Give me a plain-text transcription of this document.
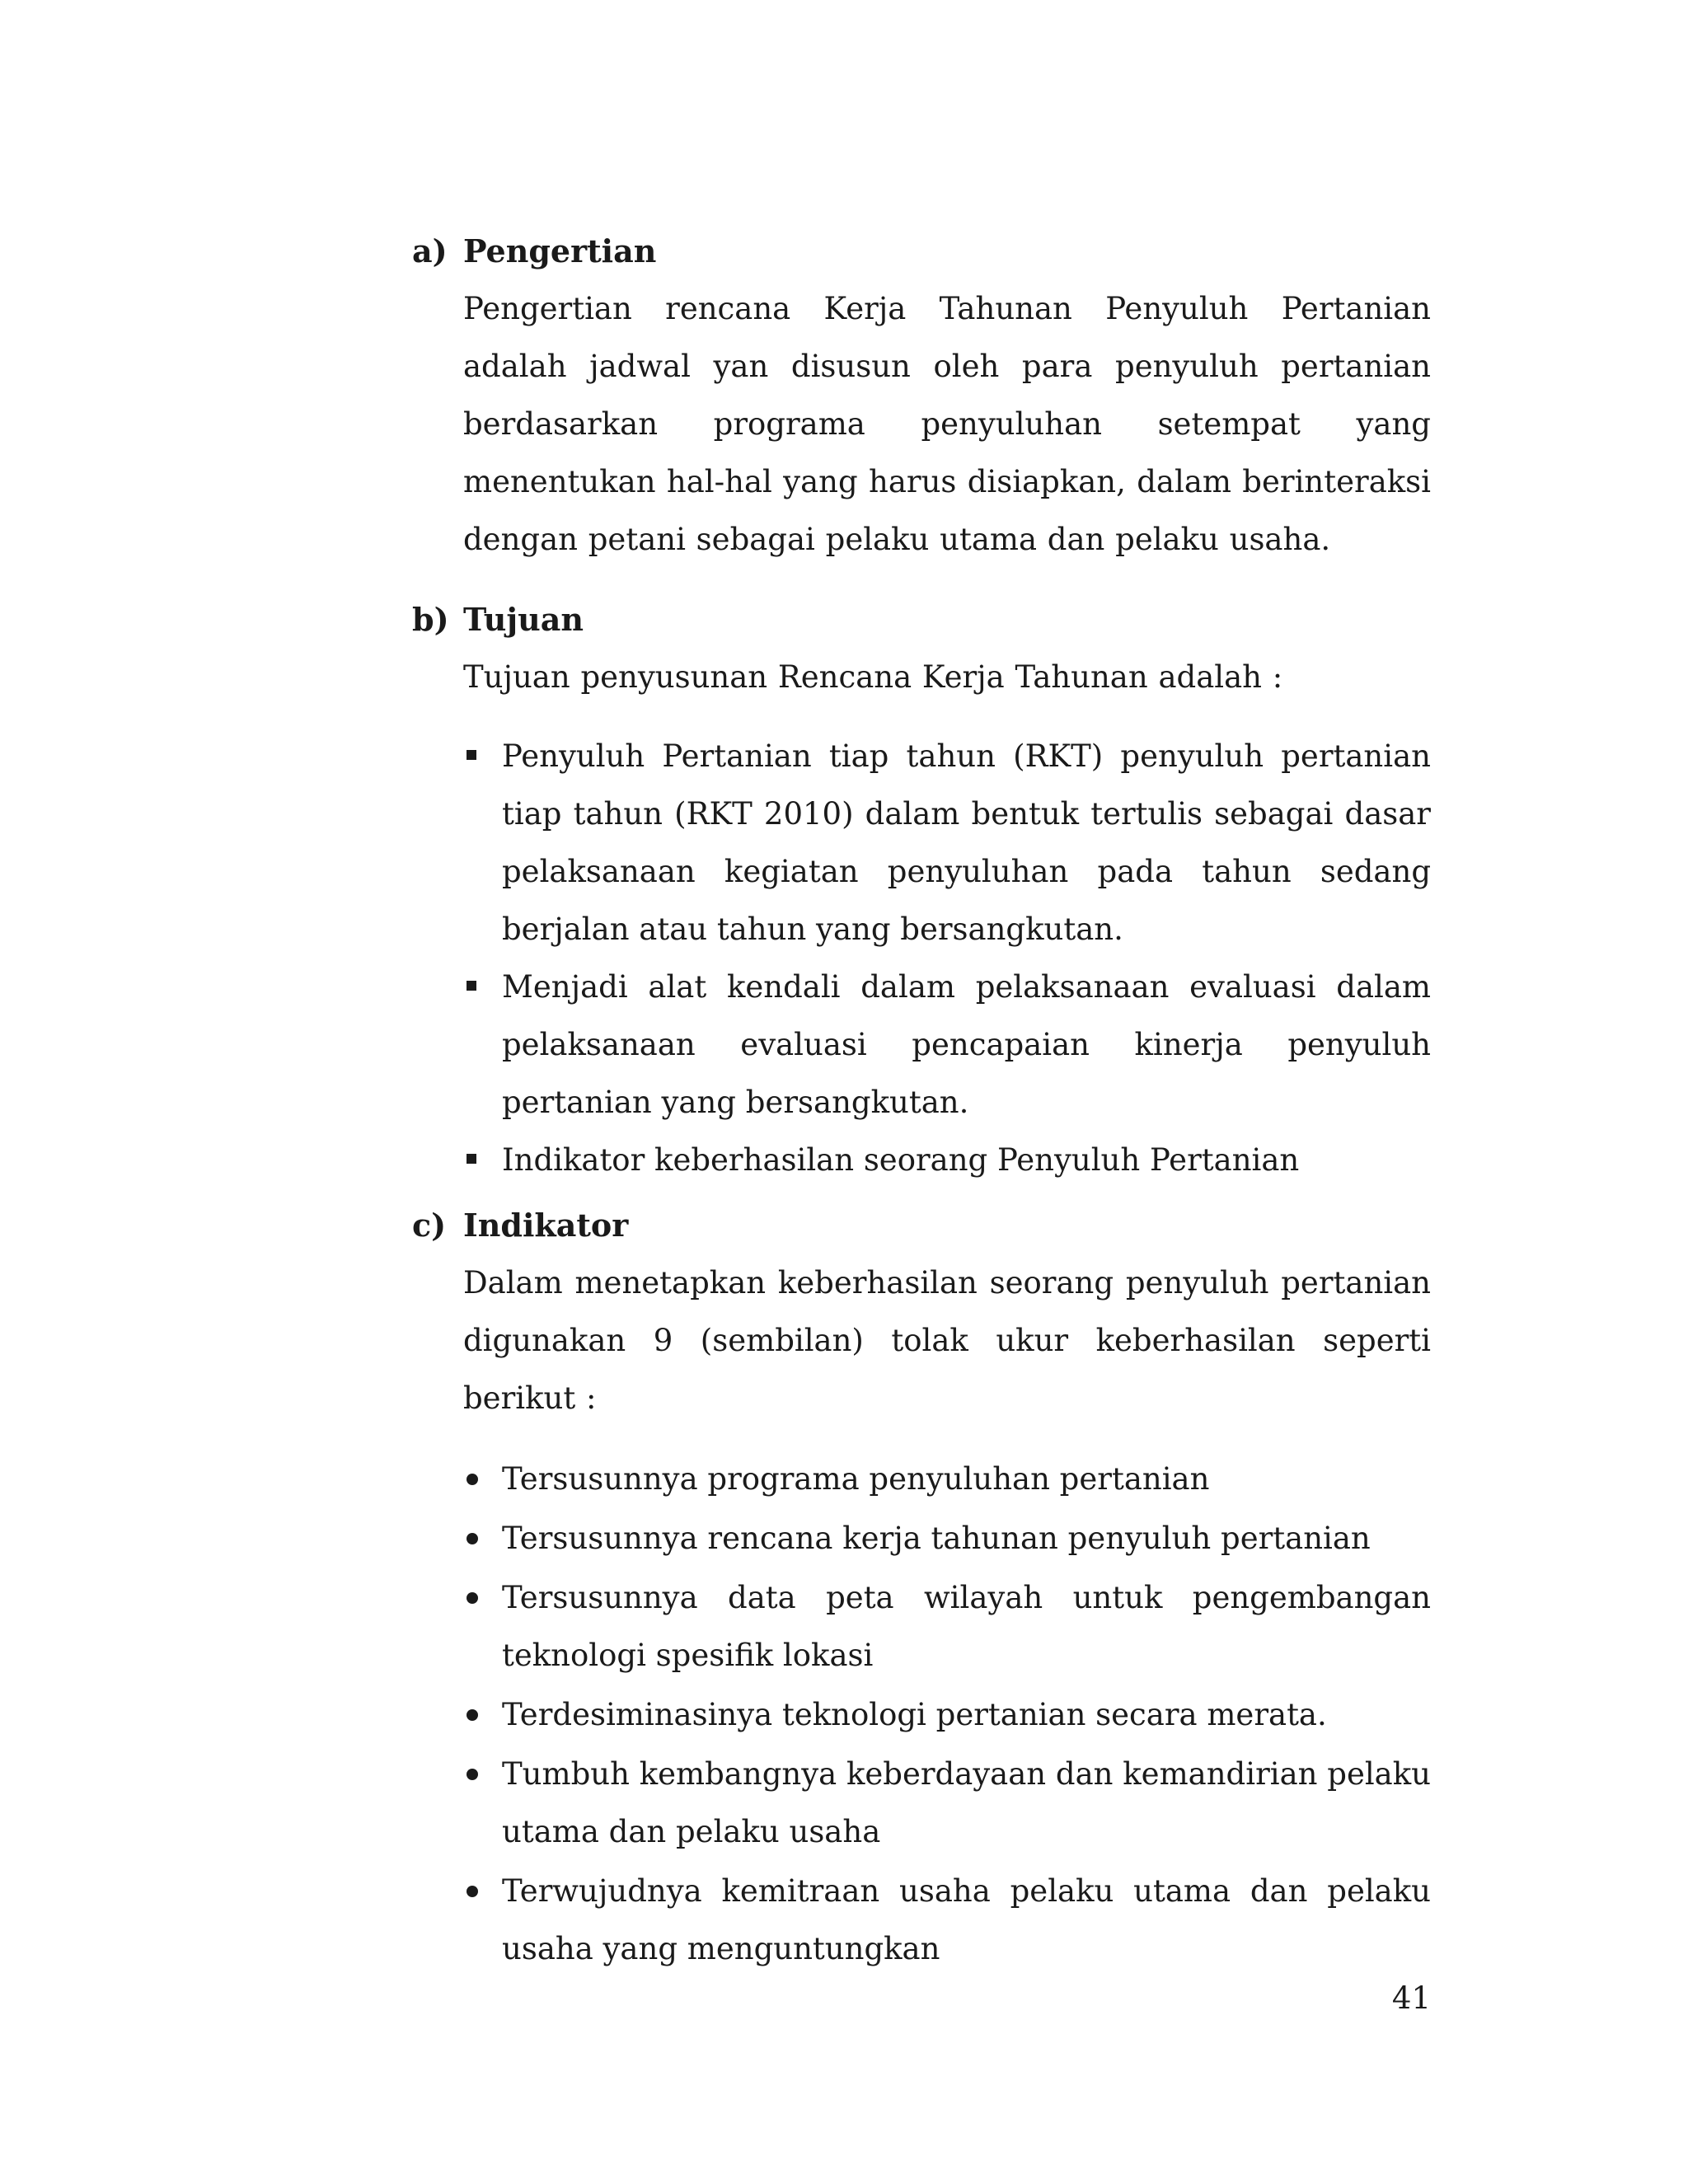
a) Pengertian
Pengertian rencana Kerja Tahunan Penyuluh Pertanian adalah jadwal yan disusun oleh para penyuluh pertanian berdasarkan programa penyuluhan setempat yang menentukan hal-hal yang harus disiapkan, dalam berinteraksi dengan petani sebagai pelaku utama dan pelaku usaha.
b) Tujuan
Tujuan penyusunan Rencana Kerja Tahunan adalah :
Penyuluh Pertanian tiap tahun (RKT) penyuluh pertanian tiap tahun (RKT 2010) dalam bentuk tertulis sebagai dasar pelaksanaan kegiatan penyuluhan pada tahun sedang berjalan atau tahun yang bersangkutan.
Menjadi alat kendali dalam pelaksanaan evaluasi dalam pelaksanaan evaluasi pencapaian kinerja penyuluh pertanian yang bersangkutan.
Indikator keberhasilan seorang Penyuluh Pertanian
c) Indikator
Dalam menetapkan keberhasilan seorang penyuluh pertanian digunakan 9 (sembilan) tolak ukur keberhasilan seperti berikut :
Tersusunnya programa penyuluhan pertanian
Tersusunnya rencana kerja tahunan penyuluh pertanian
Tersusunnya data peta wilayah untuk pengembangan teknologi spesifik lokasi
Terdesiminasinya teknologi pertanian secara merata.
Tumbuh kembangnya keberdayaan dan kemandirian pelaku utama dan pelaku usaha
Terwujudnya kemitraan usaha pelaku utama dan pelaku usaha yang menguntungkan
41
